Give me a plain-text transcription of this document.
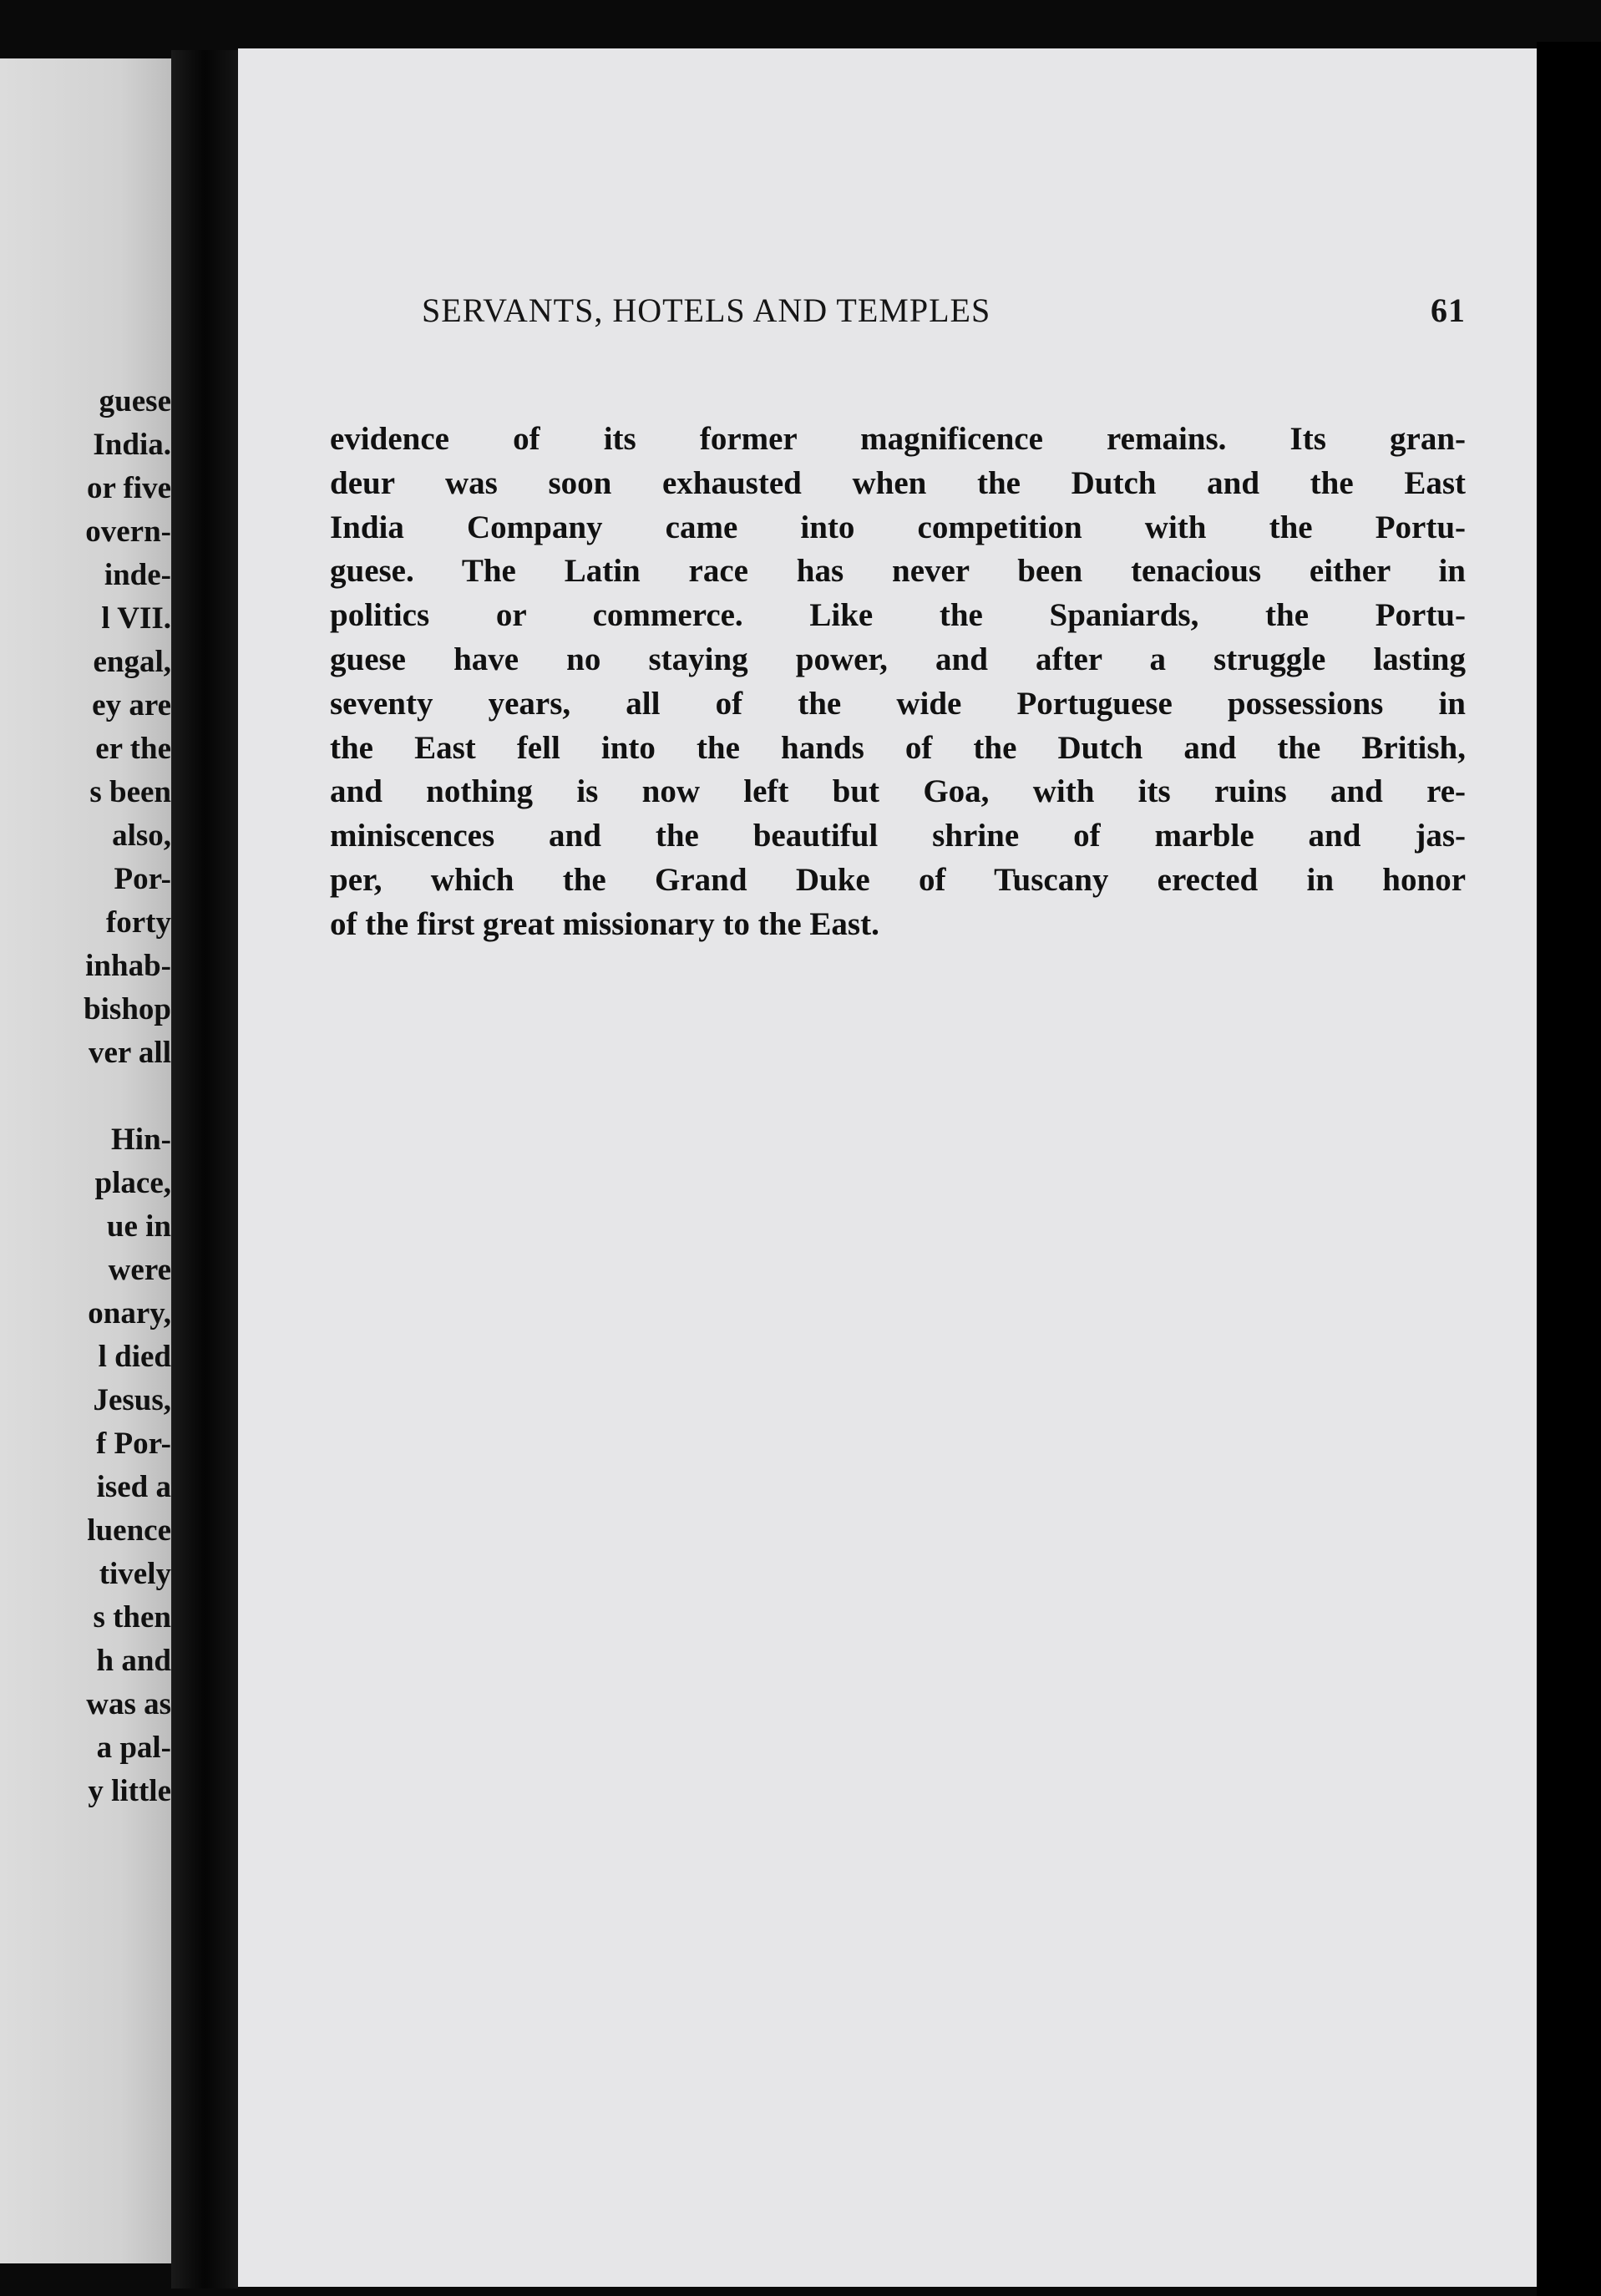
guese
India.
or five
overn-
inde-
l VII.
engal,
ey are
er the
s been
also,
Por-
forty
inhab-
bishop
ver all
Hin-
place,
ue in
were
onary,
l died
Jesus,
f Por-
ised a
luence
tively
s then
h and
was as
a pal-
y little
SERVANTS, HOTELS AND TEMPLES	61
evidence of its former magnificence remains. Its gran-
deur was soon exhausted when the Dutch and the East
India Company came into competition with the Portu-
guese. The Latin race has never been tenacious either in
politics or commerce. Like the Spaniards, the Portu-
guese have no staying power, and after a struggle lasting
seventy years, all of the wide Portuguese possessions in
the East fell into the hands of the Dutch and the British,
and nothing is now left but Goa, with its ruins and re-
miniscences and the beautiful shrine of marble and jas-
per, which the Grand Duke of Tuscany erected in honor
of the first great missionary to the East.
